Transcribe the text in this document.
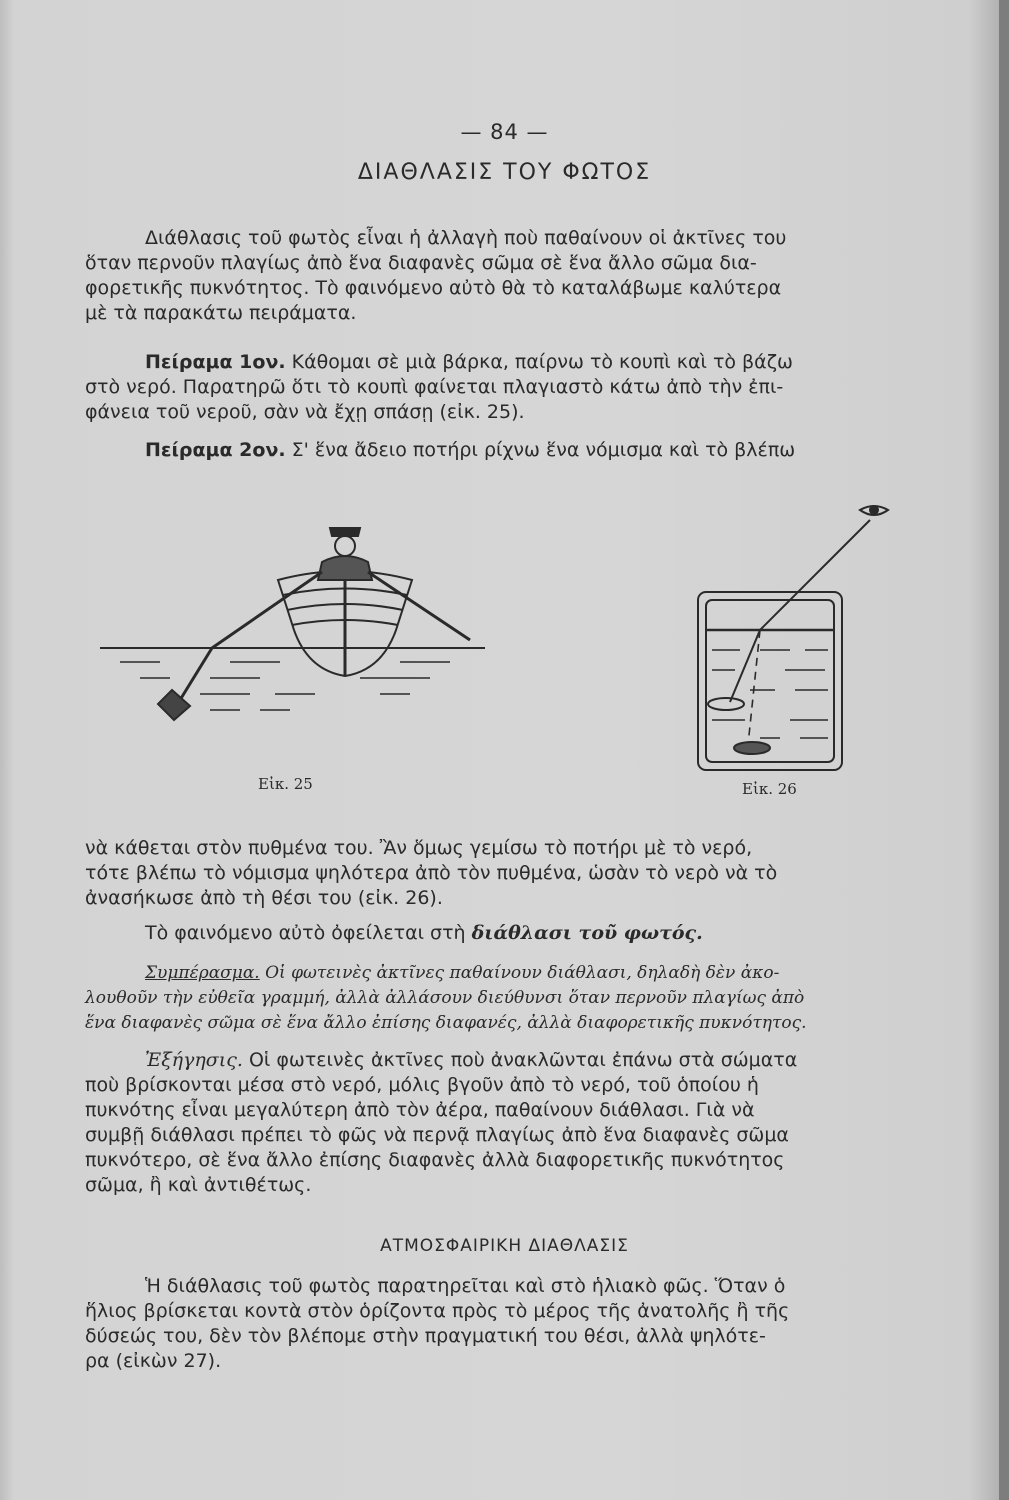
— 84 —
ΔΙΑΘΛΑΣΙΣ ΤΟΥ ΦΩΤΟΣ

Διάθλασις τοῦ φωτὸς εἶναι ἡ ἀλλαγὴ ποὺ παθαίνουν οἱ ἀκτῖνες του
ὅταν περνοῦν πλαγίως ἀπὸ ἕνα διαφανὲς σῶμα σὲ ἕνα ἄλλο σῶμα δια-
φορετικῆς πυκνότητος. Τὸ φαινόμενο αὐτὸ θὰ τὸ καταλάβωμε καλύτερα
μὲ τὰ παρακάτω πειράματα.

Πείραμα 1ον. Κάθομαι σὲ μιὰ βάρκα, παίρνω τὸ κουπὶ καὶ τὸ βάζω
στὸ νερό. Παρατηρῶ ὅτι τὸ κουπὶ φαίνεται πλαγιαστὸ κάτω ἀπὸ τὴν ἐπι-
φάνεια τοῦ νεροῦ, σὰν νὰ ἔχῃ σπάσῃ (εἰκ. 25).

Πείραμα 2ον. Σ' ἕνα ἄδειο ποτήρι ρίχνω ἕνα νόμισμα καὶ τὸ βλέπω

Εἰκ. 25	Εἰκ. 26

νὰ κάθεται στὸν πυθμένα του. Ἂν ὅμως γεμίσω τὸ ποτήρι μὲ τὸ νερό,
τότε βλέπω τὸ νόμισμα ψηλότερα ἀπὸ τὸν πυθμένα, ὡσὰν τὸ νερὸ νὰ τὸ
ἀνασήκωσε ἀπὸ τὴ θέσι του (εἰκ. 26).

Τὸ φαινόμενο αὐτὸ ὀφείλεται στὴ διάθλασι τοῦ φωτός.

Συμπέρασμα. Οἱ φωτεινὲς ἀκτῖνες παθαίνουν διάθλασι, δηλαδὴ δὲν ἀκο-
λουθοῦν τὴν εὐθεῖα γραμμή, ἀλλὰ ἀλλάσουν διεύθυνσι ὅταν περνοῦν πλαγίως ἀπὸ
ἕνα διαφανὲς σῶμα σὲ ἕνα ἄλλο ἐπίσης διαφανές, ἀλλὰ διαφορετικῆς πυκνότητος.

Ἐξήγησις. Οἱ φωτεινὲς ἀκτῖνες ποὺ ἀνακλῶνται ἐπάνω στὰ σώματα
ποὺ βρίσκονται μέσα στὸ νερό, μόλις βγοῦν ἀπὸ τὸ νερό, τοῦ ὁποίου ἡ
πυκνότης εἶναι μεγαλύτερη ἀπὸ τὸν ἀέρα, παθαίνουν διάθλασι. Γιὰ νὰ
συμβῇ διάθλασι πρέπει τὸ φῶς νὰ περνᾷ πλαγίως ἀπὸ ἕνα διαφανὲς σῶμα
πυκνότερο, σὲ ἕνα ἄλλο ἐπίσης διαφανὲς ἀλλὰ διαφορετικῆς πυκνότητος
σῶμα, ἢ καὶ ἀντιθέτως.

ΑΤΜΟΣΦΑΙΡΙΚΗ ΔΙΑΘΛΑΣΙΣ

Ἡ διάθλασις τοῦ φωτὸς παρατηρεῖται καὶ στὸ ἡλιακὸ φῶς. Ὅταν ὁ
ἥλιος βρίσκεται κοντὰ στὸν ὁρίζοντα πρὸς τὸ μέρος τῆς ἀνατολῆς ἢ τῆς
δύσεώς του, δὲν τὸν βλέπομε στὴν πραγματική του θέσι, ἀλλὰ ψηλότε-
ρα (εἰκὼν 27).
